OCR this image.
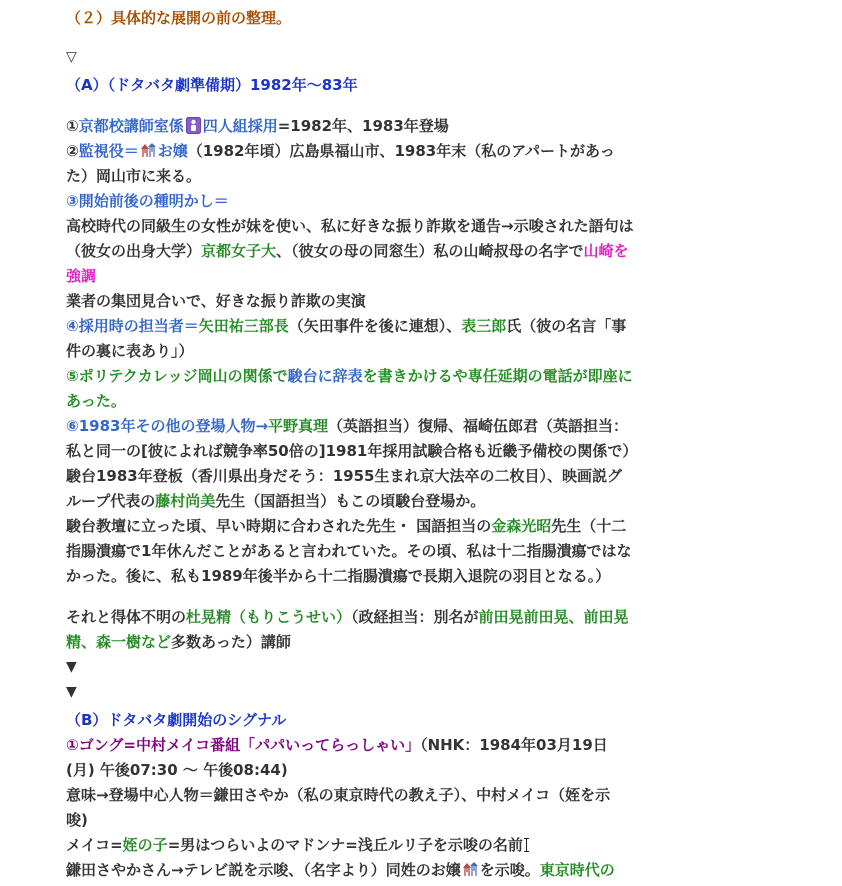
（２）具体的な展開の前の整理。
▽
（A）（ドタバタ劇準備期）1982年〜83年

①京都校講師室係 四人組採用=1982年、1983年登場

②監視役＝ お嬢（1982年頃）広島県福山市、1983年末（私のアパートがあっ

た）岡山市に来る。

③開始前後の種明かし＝

高校時代の同級生の女性が妹を使い、私に好きな振り詐欺を通告→示唆された語句は

（彼女の出身大学）京都女子大、（彼女の母の同窓生）私の山崎叔母の名字で山崎を

強調

業者の集団見合いで、好きな振り詐欺の実演

④採用時の担当者＝矢田祐三部長（矢田事件を後に連想）、表三郎氏（彼の名言「事

件の裏に表あり」）

⑤ポリテクカレッジ岡山の関係で駿台に辞表を書きかけるや専任延期の電話が即座に

あった。

⑥1983年その他の登場人物→平野真理（英語担当）復帰、福崎伍郎君（英語担当：

私と同一の[彼によれば競争率50倍の]1981年採用試験合格も近畿予備校の関係で）

駿台1983年登板（香川県出身だそう：1955生まれ京大法卒の二枚目）、映画説グ

ループ代表の藤村尚美先生（国語担当）もこの頃駿台登場か。

駿台教壇に立った頃、早い時期に合わされた先生・ 国語担当の金森光昭先生（十二

指腸潰瘍で1年休んだことがあると言われていた。その頃、私は十二指腸潰瘍ではな

かった。後に、私も1989年後半から十二指腸潰瘍で長期入退院の羽目となる。）

それと得体不明の杜晃精（もりこうせい）（政経担当：別名が前田晃前田晃、前田晃

精、森一樹など多数あった）講師

▼
▼
（B）ドタバタ劇開始のシグナル

①ゴング=中村メイコ番組「パパいってらっしゃい」（NHK：1984年03月19日

(月) 午後07:30 〜 午後08:44)

意味→登場中心人物＝鎌田さやか（私の東京時代の教え子）、中村メイコ（姪を示

唆)

メイコ=姪の子=男はつらいよのマドンナ=浅丘ルリ子を示唆の名前

鎌田さやかさん→テレビ説を示唆、（名字より）同姓のお嬢 を示唆。東京時代の
